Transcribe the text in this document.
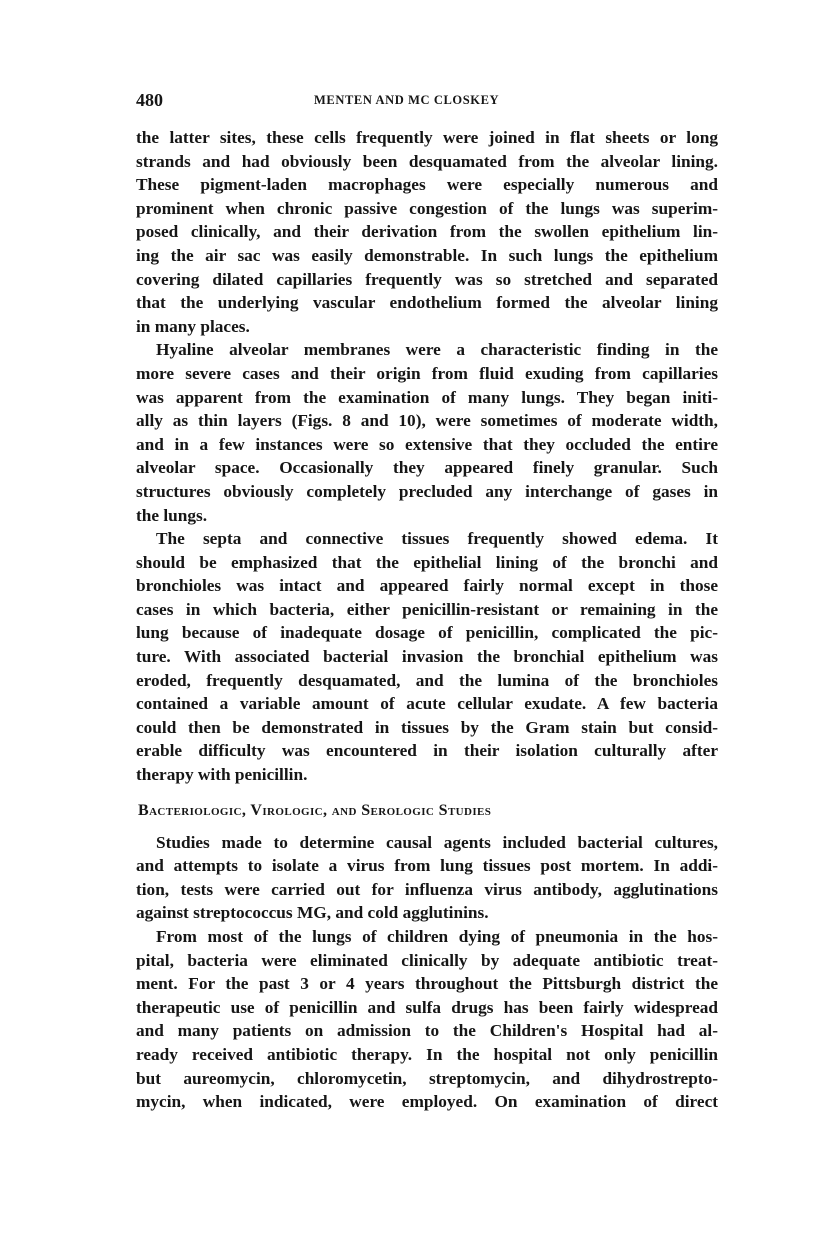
480	MENTEN AND MC CLOSKEY
the latter sites, these cells frequently were joined in flat sheets or long
strands and had obviously been desquamated from the alveolar lining.
These pigment-laden macrophages were especially numerous and
prominent when chronic passive congestion of the lungs was superim-
posed clinically, and their derivation from the swollen epithelium lin-
ing the air sac was easily demonstrable. In such lungs the epithelium
covering dilated capillaries frequently was so stretched and separated
that the underlying vascular endothelium formed the alveolar lining
in many places.
Hyaline alveolar membranes were a characteristic finding in the
more severe cases and their origin from fluid exuding from capillaries
was apparent from the examination of many lungs. They began initi-
ally as thin layers (Figs. 8 and 10), were sometimes of moderate width,
and in a few instances were so extensive that they occluded the entire
alveolar space. Occasionally they appeared finely granular. Such
structures obviously completely precluded any interchange of gases in
the lungs.
The septa and connective tissues frequently showed edema. It
should be emphasized that the epithelial lining of the bronchi and
bronchioles was intact and appeared fairly normal except in those
cases in which bacteria, either penicillin-resistant or remaining in the
lung because of inadequate dosage of penicillin, complicated the pic-
ture. With associated bacterial invasion the bronchial epithelium was
eroded, frequently desquamated, and the lumina of the bronchioles
contained a variable amount of acute cellular exudate. A few bacteria
could then be demonstrated in tissues by the Gram stain but consid-
erable difficulty was encountered in their isolation culturally after
therapy with penicillin.
Bacteriologic, Virologic, and Serologic Studies
Studies made to determine causal agents included bacterial cultures,
and attempts to isolate a virus from lung tissues post mortem. In addi-
tion, tests were carried out for influenza virus antibody, agglutinations
against streptococcus MG, and cold agglutinins.
From most of the lungs of children dying of pneumonia in the hos-
pital, bacteria were eliminated clinically by adequate antibiotic treat-
ment. For the past 3 or 4 years throughout the Pittsburgh district the
therapeutic use of penicillin and sulfa drugs has been fairly widespread
and many patients on admission to the Children's Hospital had al-
ready received antibiotic therapy. In the hospital not only penicillin
but aureomycin, chloromycetin, streptomycin, and dihydrostrepto-
mycin, when indicated, were employed. On examination of direct
